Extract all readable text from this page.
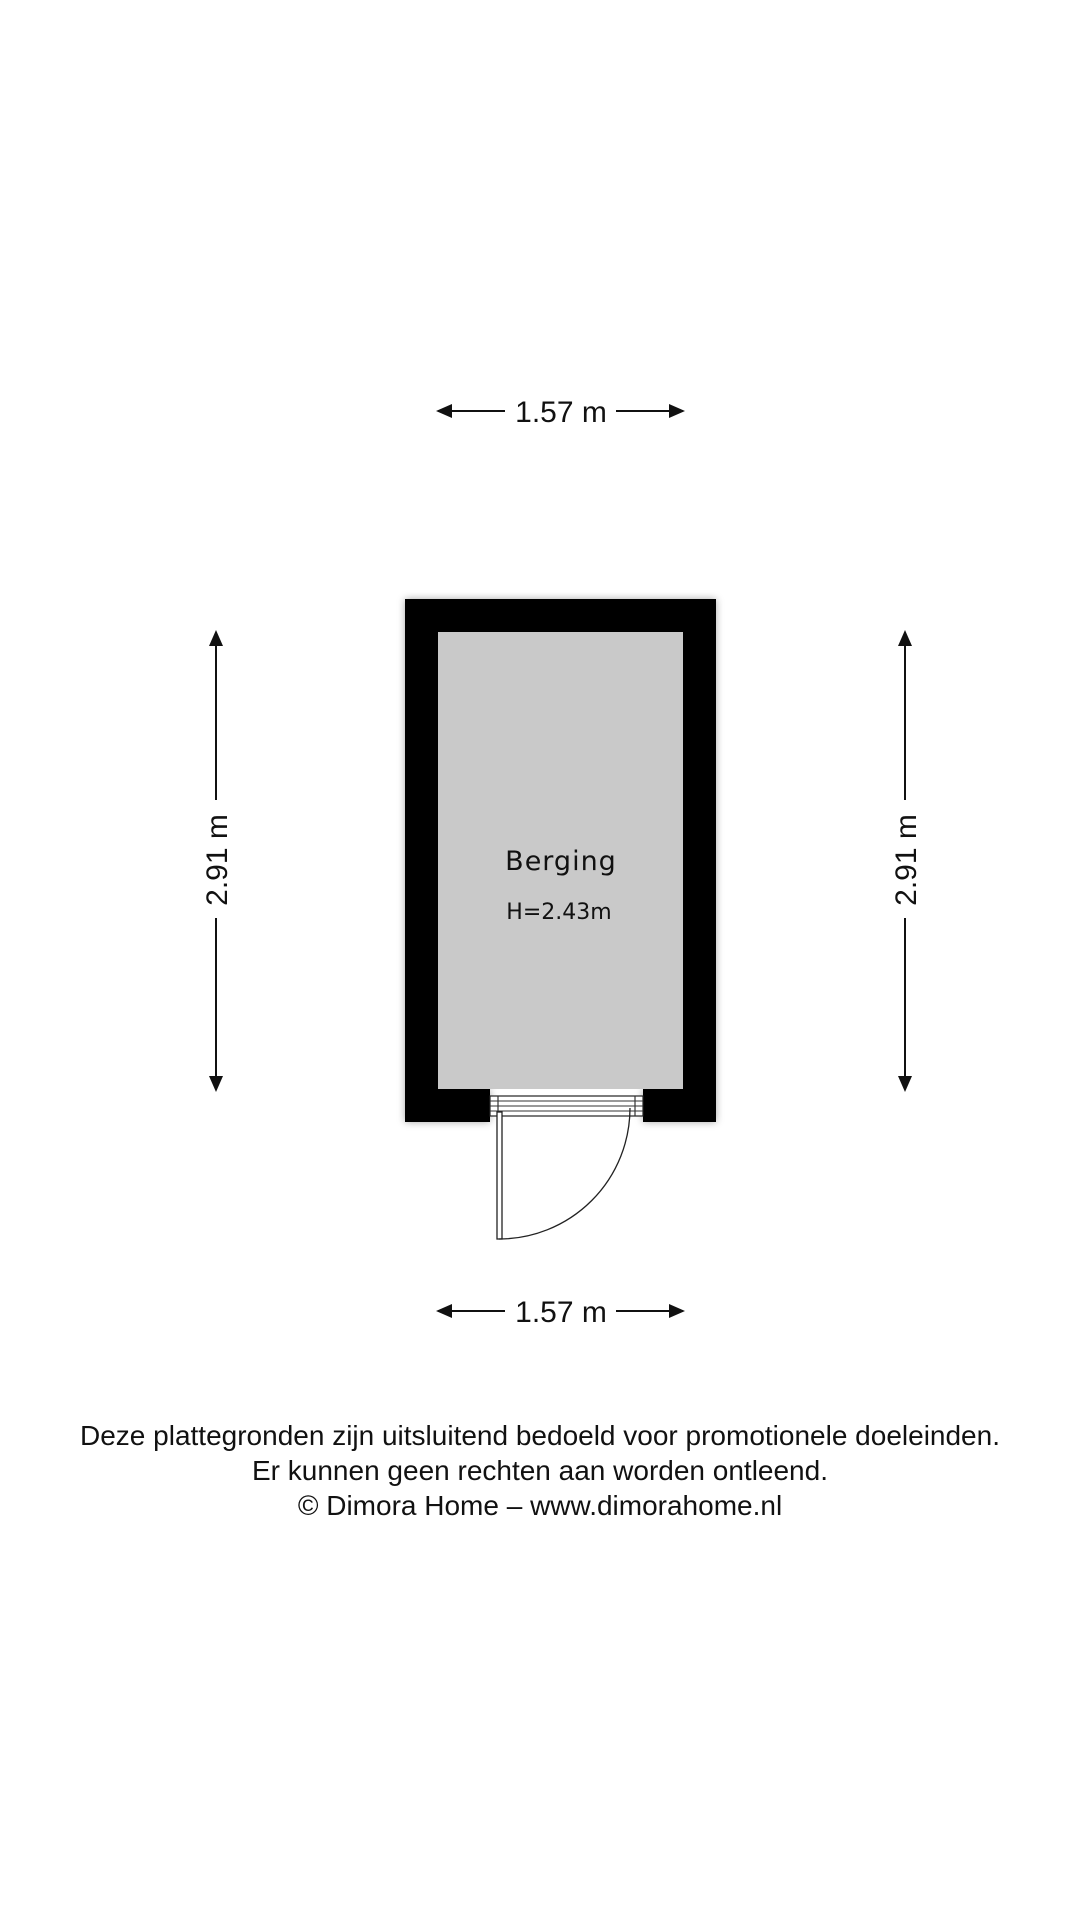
1.57 m
2.91 m	2.91 m
Berging
H=2.43m
1.57 m
Deze plattegronden zijn uitsluitend bedoeld voor promotionele doeleinden.
Er kunnen geen rechten aan worden ontleend.
© Dimora Home – www.dimorahome.nl
